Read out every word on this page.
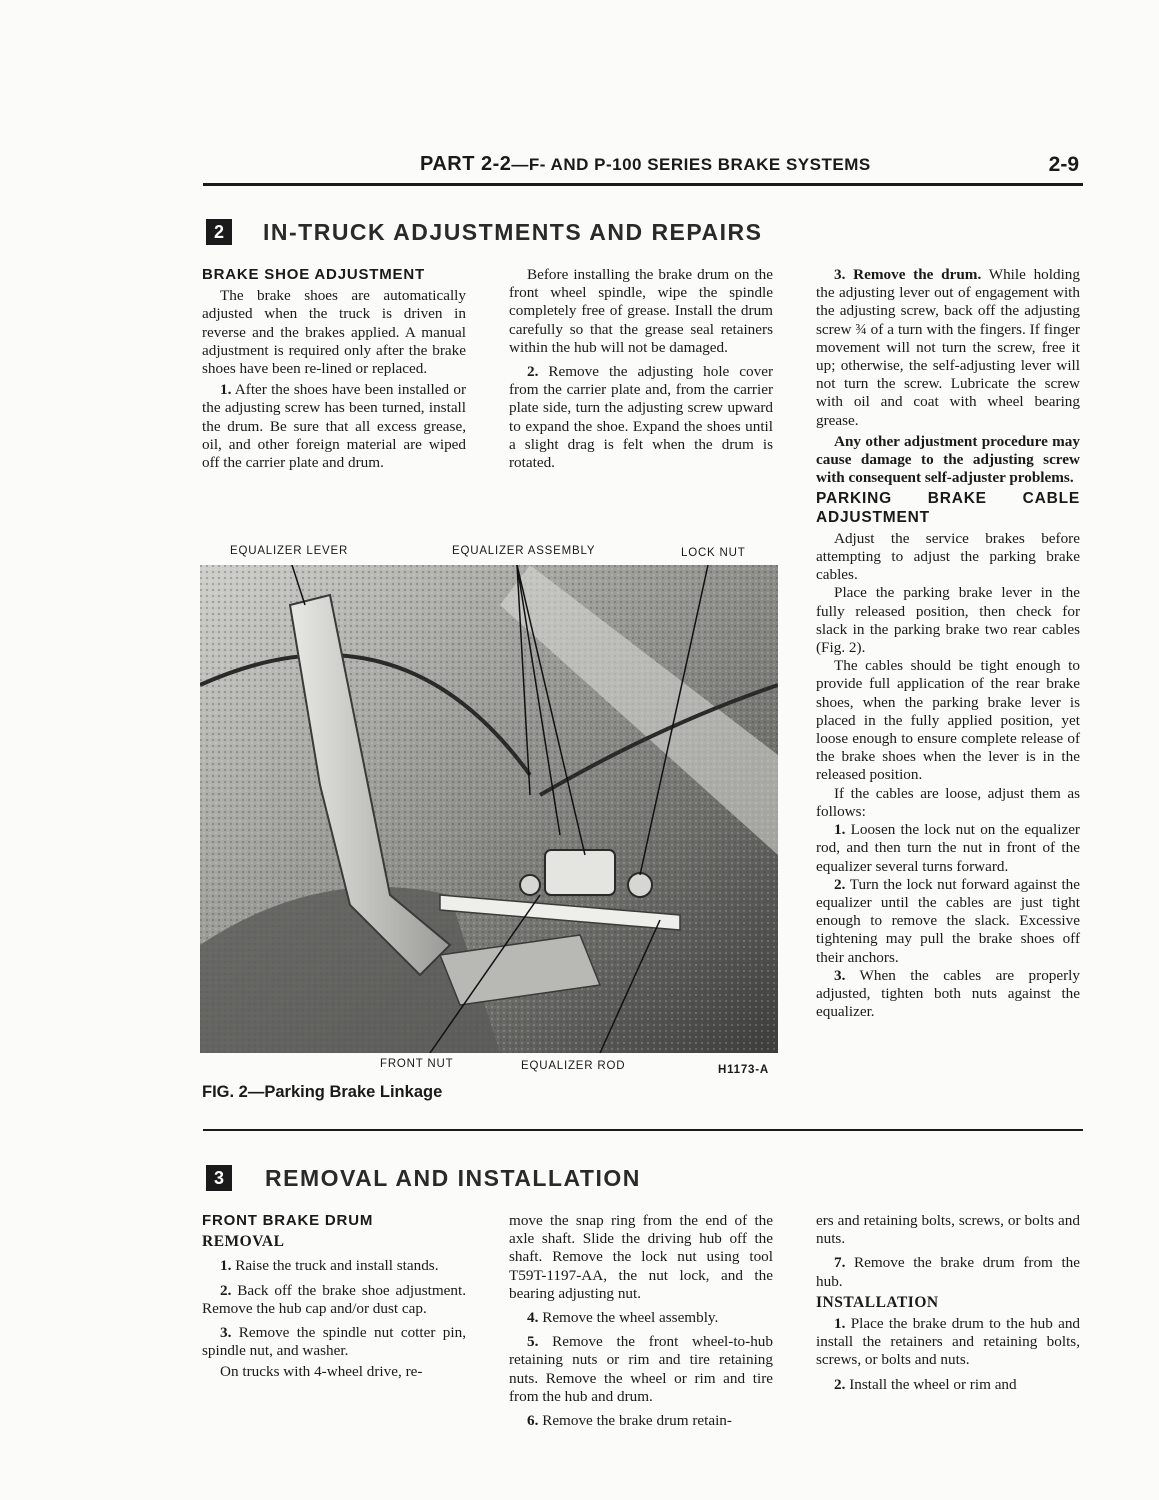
PART 2-2—F- AND P-100 SERIES BRAKE SYSTEMS	2-9
2	IN-TRUCK ADJUSTMENTS AND REPAIRS

BRAKE SHOE ADJUSTMENT

The brake shoes are automatically adjusted when the truck is driven in reverse and the brakes applied. A manual adjustment is required only after the brake shoes have been re-lined or replaced.

1. After the shoes have been installed or the adjusting screw has been turned, install the drum. Be sure that all excess grease, oil, and other foreign material are wiped off the carrier plate and drum.

Before installing the brake drum on the front wheel spindle, wipe the spindle completely free of grease. Install the drum carefully so that the grease seal retainers within the hub will not be damaged.

2. Remove the adjusting hole cover from the carrier plate and, from the carrier plate side, turn the adjusting screw upward to expand the shoe. Expand the shoes until a slight drag is felt when the drum is rotated.

3. Remove the drum. While holding the adjusting lever out of engagement with the adjusting screw, back off the adjusting screw ¾ of a turn with the fingers. If finger movement will not turn the screw, free it up; otherwise, the self-adjusting lever will not turn the screw. Lubricate the screw with oil and coat with wheel bearing grease.

Any other adjustment procedure may cause damage to the adjusting screw with consequent self-adjuster problems.

PARKING BRAKE CABLE ADJUSTMENT

Adjust the service brakes before attempting to adjust the parking brake cables.

Place the parking brake lever in the fully released position, then check for slack in the parking brake two rear cables (Fig. 2).

The cables should be tight enough to provide full application of the rear brake shoes, when the parking brake lever is placed in the fully applied position, yet loose enough to ensure complete release of the brake shoes when the lever is in the released position.

If the cables are loose, adjust them as follows:

1. Loosen the lock nut on the equalizer rod, and then turn the nut in front of the equalizer several turns forward.

2. Turn the lock nut forward against the equalizer until the cables are just tight enough to remove the slack. Excessive tightening may pull the brake shoes off their anchors.

3. When the cables are properly adjusted, tighten both nuts against the equalizer.

EQUALIZER LEVER	EQUALIZER ASSEMBLY	LOCK NUT
FRONT NUT	EQUALIZER ROD	H1173-A
FIG. 2—Parking Brake Linkage
3	REMOVAL AND INSTALLATION

FRONT BRAKE DRUM

REMOVAL

1. Raise the truck and install stands.

2. Back off the brake shoe adjustment. Remove the hub cap and/or dust cap.

3. Remove the spindle nut cotter pin, spindle nut, and washer.

On trucks with 4-wheel drive, re-

move the snap ring from the end of the axle shaft. Slide the driving hub off the shaft. Remove the lock nut using tool T59T-1197-AA, the nut lock, and the bearing adjusting nut.

4. Remove the wheel assembly.

5. Remove the front wheel-to-hub retaining nuts or rim and tire retaining nuts. Remove the wheel or rim and tire from the hub and drum.

6. Remove the brake drum retain-

ers and retaining bolts, screws, or bolts and nuts.

7. Remove the brake drum from the hub.

INSTALLATION

1. Place the brake drum to the hub and install the retainers and retaining bolts, screws, or bolts and nuts.

2. Install the wheel or rim and
